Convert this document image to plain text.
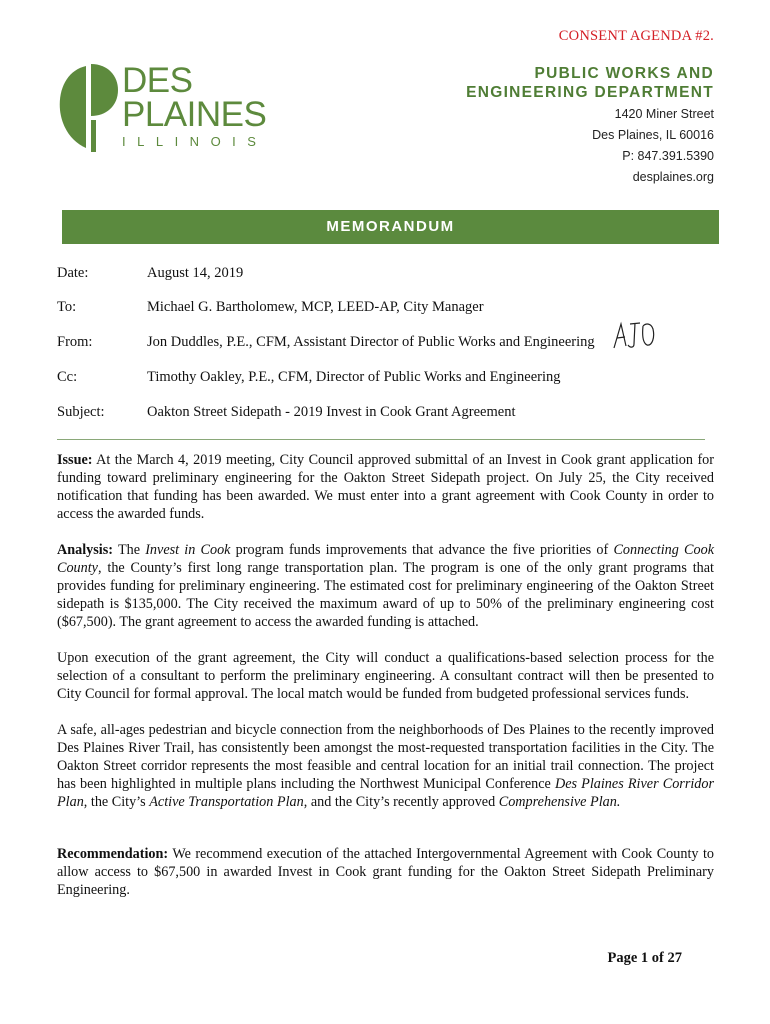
CONSENT AGENDA #2.
DES
PLAINES
ILLINOIS
PUBLIC WORKS AND
ENGINEERING DEPARTMENT
1420 Miner Street
Des Plaines, IL 60016
P: 847.391.5390
desplaines.org
MEMORANDUM
Date:	August 14, 2019
To:	Michael G. Bartholomew, MCP, LEED-AP, City Manager
From:	Jon Duddles, P.E., CFM, Assistant Director of Public Works and Engineering
Cc:	Timothy Oakley, P.E., CFM, Director of Public Works and Engineering
Subject:	Oakton Street Sidepath - 2019 Invest in Cook Grant Agreement

Issue: At the March 4, 2019 meeting, City Council approved submittal of an Invest in Cook grant application for funding toward preliminary engineering for the Oakton Street Sidepath project. On July 25, the City received notification that funding has been awarded. We must enter into a grant agreement with Cook County in order to access the awarded funds.

Analysis: The Invest in Cook program funds improvements that advance the five priorities of Connecting Cook County, the County’s first long range transportation plan. The program is one of the only grant programs that provides funding for preliminary engineering. The estimated cost for preliminary engineering of the Oakton Street sidepath is $135,000. The City received the maximum award of up to 50% of the preliminary engineering cost ($67,500). The grant agreement to access the awarded funding is attached.

Upon execution of the grant agreement, the City will conduct a qualifications-based selection process for the selection of a consultant to perform the preliminary engineering. A consultant contract will then be presented to City Council for formal approval. The local match would be funded from budgeted professional services funds.

A safe, all-ages pedestrian and bicycle connection from the neighborhoods of Des Plaines to the recently improved Des Plaines River Trail, has consistently been amongst the most-requested transportation facilities in the City. The Oakton Street corridor represents the most feasible and central location for an initial trail connection. The project has been highlighted in multiple plans including the Northwest Municipal Conference Des Plaines River Corridor Plan, the City’s Active Transportation Plan, and the City’s recently approved Comprehensive Plan.

Recommendation: We recommend execution of the attached Intergovernmental Agreement with Cook County to allow access to $67,500 in awarded Invest in Cook grant funding for the Oakton Street Sidepath Preliminary Engineering.

Page 1 of 27
